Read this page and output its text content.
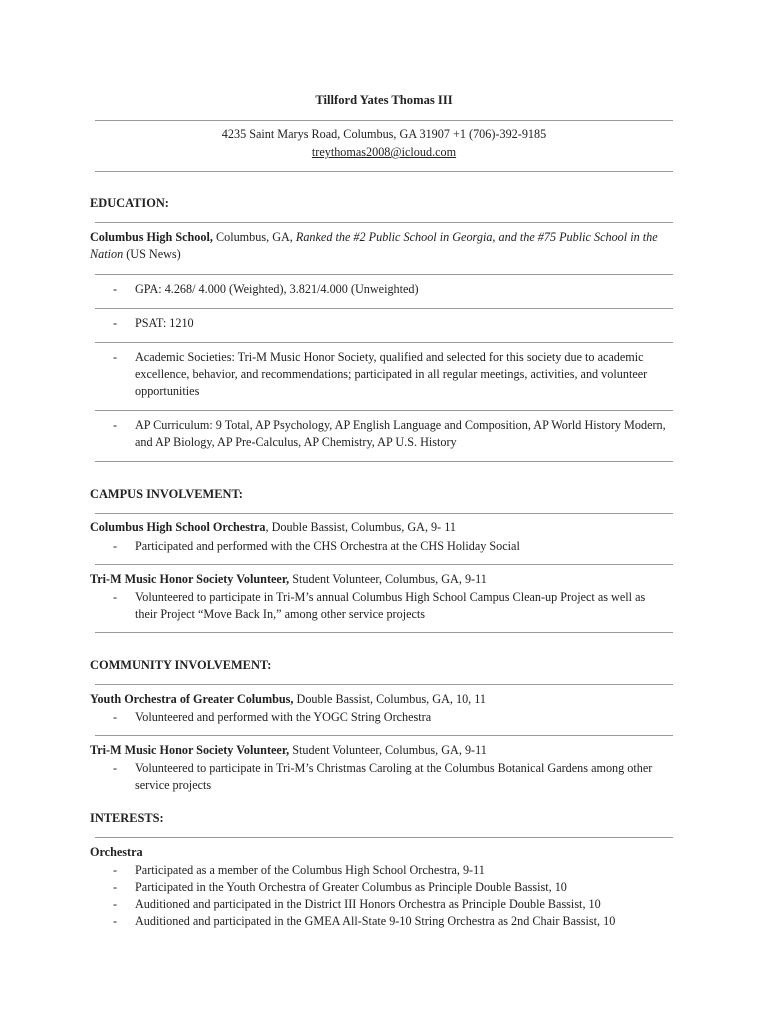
Tillford Yates Thomas III
4235 Saint Marys Road, Columbus, GA 31907 +1 (706)-392-9185
treythomas2008@icloud.com
EDUCATION:
Columbus High School, Columbus, GA, Ranked the #2 Public School in Georgia, and the #75 Public School in the Nation (US News)
- GPA: 4.268/ 4.000 (Weighted), 3.821/4.000 (Unweighted)
- PSAT: 1210
- Academic Societies: Tri-M Music Honor Society, qualified and selected for this society due to academic excellence, behavior, and recommendations; participated in all regular meetings, activities, and volunteer opportunities
- AP Curriculum: 9 Total, AP Psychology, AP English Language and Composition, AP World History Modern, and AP Biology, AP Pre-Calculus, AP Chemistry, AP U.S. History
CAMPUS INVOLVEMENT:
Columbus High School Orchestra, Double Bassist, Columbus, GA, 9- 11
- Participated and performed with the CHS Orchestra at the CHS Holiday Social
Tri-M Music Honor Society Volunteer, Student Volunteer, Columbus, GA, 9-11
- Volunteered to participate in Tri-M’s annual Columbus High School Campus Clean-up Project as well as their Project “Move Back In,” among other service projects
COMMUNITY INVOLVEMENT:
Youth Orchestra of Greater Columbus, Double Bassist, Columbus, GA, 10, 11
- Volunteered and performed with the YOGC String Orchestra
Tri-M Music Honor Society Volunteer, Student Volunteer, Columbus, GA, 9-11
- Volunteered to participate in Tri-M’s Christmas Caroling at the Columbus Botanical Gardens among other service projects
INTERESTS:
Orchestra
- Participated as a member of the Columbus High School Orchestra, 9-11
- Participated in the Youth Orchestra of Greater Columbus as Principle Double Bassist, 10
- Auditioned and participated in the District III Honors Orchestra as Principle Double Bassist, 10
- Auditioned and participated in the GMEA All-State 9-10 String Orchestra as 2nd Chair Bassist, 10
